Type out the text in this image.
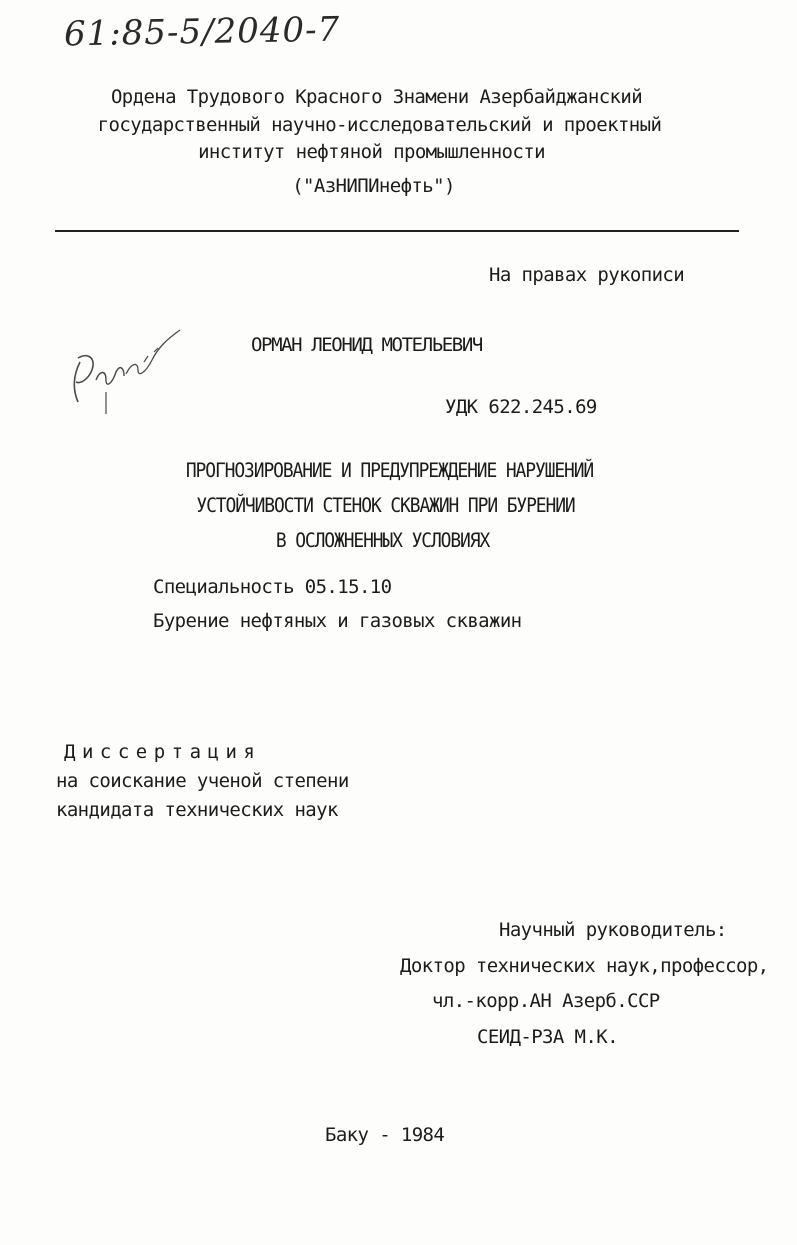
61:85-5/2040-7
Ордена Трудового Красного Знамени Азербайджанский
государственный научно-исследовательский и проектный
институт нефтяной промышленности
("АзНИПИнефть")
На правах рукописи
ОРМАН ЛЕОНИД МОТЕЛЬЕВИЧ
УДК 622.245.69
ПРОГНОЗИРОВАНИЕ И ПРЕДУПРЕЖДЕНИЕ НАРУШЕНИЙ
УСТОЙЧИВОСТИ СТЕНОК СКВАЖИН ПРИ БУРЕНИИ
В ОСЛОЖНЕННЫХ УСЛОВИЯХ
Специальность 05.15.10
Бурение нефтяных и газовых скважин
Диссертация
на соискание ученой степени
кандидата технических наук
Научный руководитель:
Доктор технических наук,профессор,
чл.-корр.АН Азерб.ССР
СЕИД-РЗА М.К.
Баку - 1984
